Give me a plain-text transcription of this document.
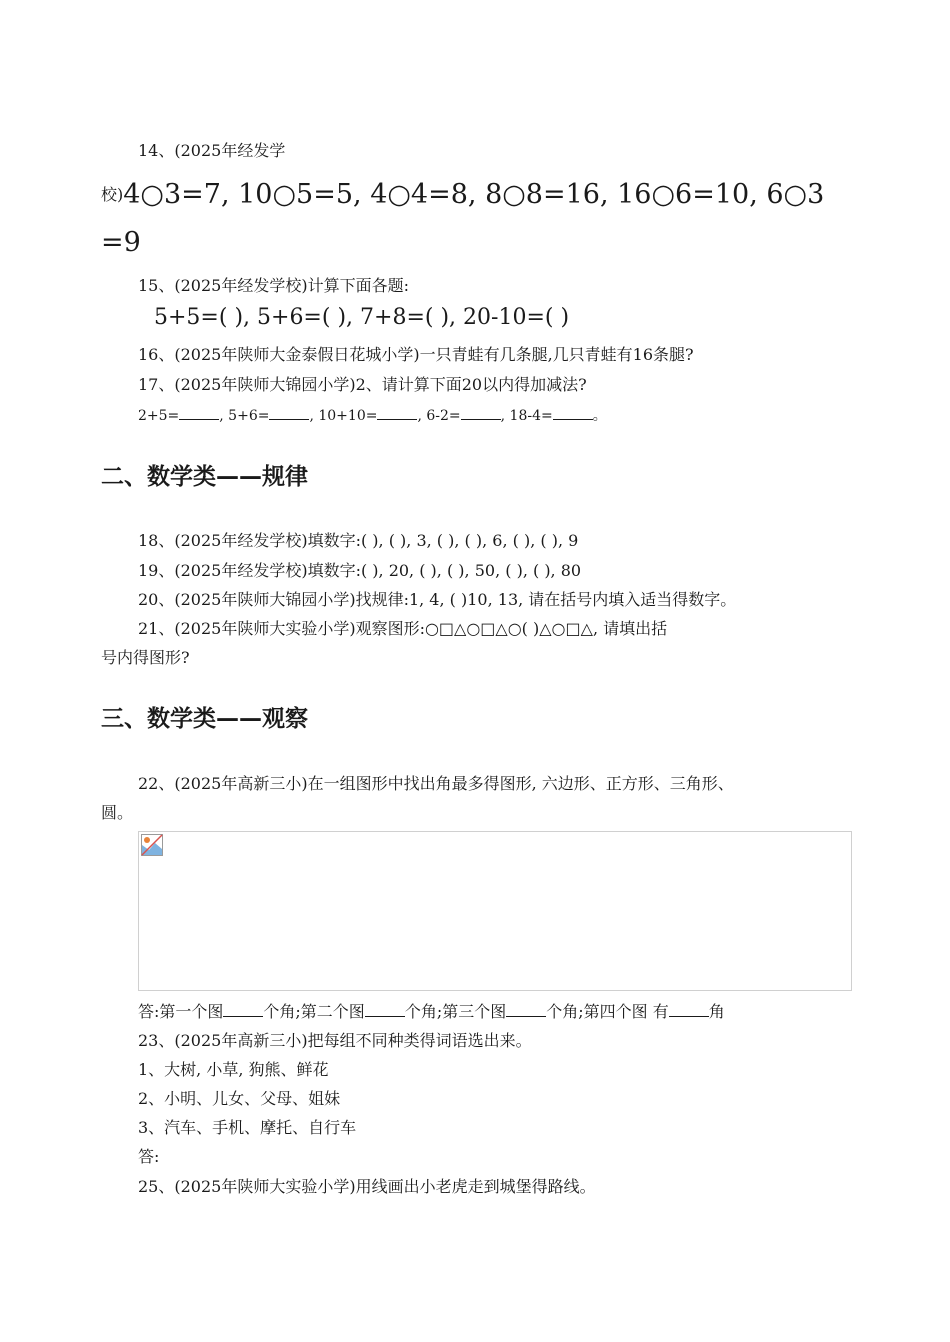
14、(2025年经发学
校)4○3=7, 10○5=5, 4○4=8, 8○8=16, 16○6=10, 6○3
=9
15、(2025年经发学校)计算下面各题:
5+5=( ), 5+6=( ), 7+8=( ), 20-10=( )
16、(2025年陕师大金泰假日花城小学)一只青蛙有几条腿,几只青蛙有16条腿?
17、(2025年陕师大锦园小学)2、请计算下面20以内得加减法?
2+5=	, 5+6=	, 10+10=	, 6-2=	, 18-4=	。
二、数学类——规律
18、(2025年经发学校)填数字:( ), ( ), 3, ( ), ( ), 6, ( ), ( ), 9
19、(2025年经发学校)填数字:( ), 20, ( ), ( ), 50, ( ), ( ), 80
20、(2025年陕师大锦园小学)找规律:1, 4, ( )10, 13, 请在括号内填入适当得数字。
21、(2025年陕师大实验小学)观察图形:○□△○□△○( )△○□△, 请填出括
号内得图形?
三、数学类——观察
22、(2025年高新三小)在一组图形中找出角最多得图形, 六边形、正方形、三角形、
圆。
答:第一个图	个角;第二个图	个角;第三个图	个角;第四个图 有	角
23、(2025年高新三小)把每组不同种类得词语选出来。
1、大树, 小草, 狗熊、鲜花
2、小明、儿女、父母、姐妹
3、汽车、手机、摩托、自行车
答:
25、(2025年陕师大实验小学)用线画出小老虎走到城堡得路线。
